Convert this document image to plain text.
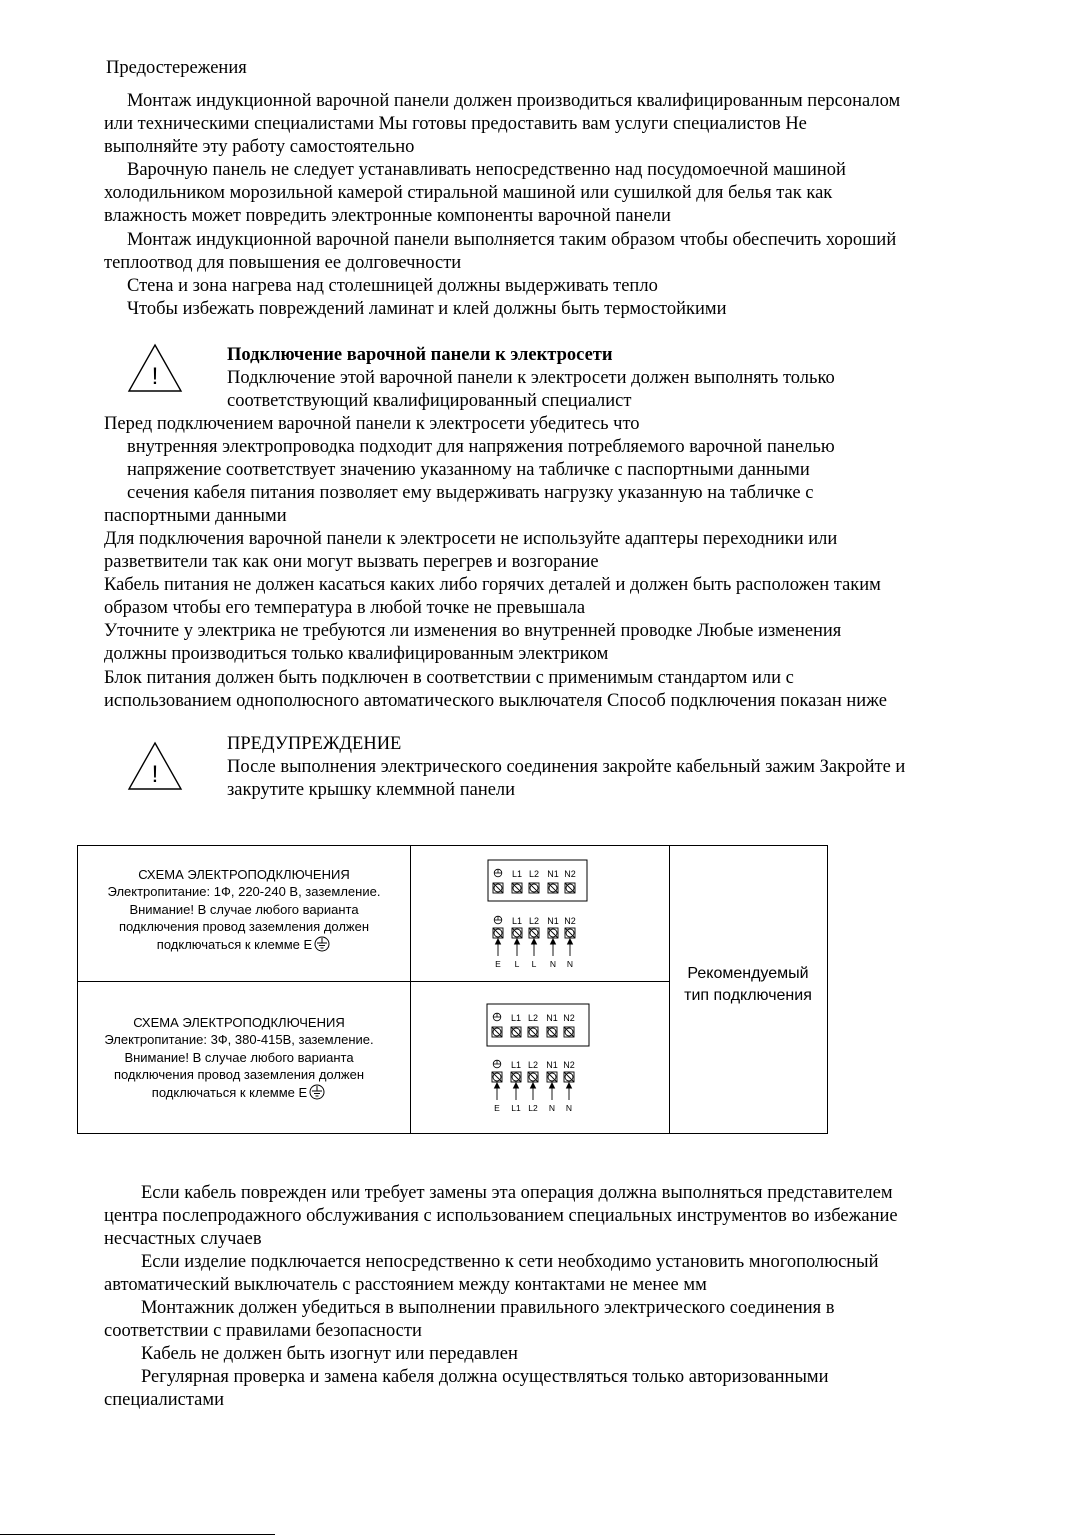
Предостережения
Монтаж индукционной варочной панели должен производиться квалифицированным персоналом
или техническими специалистами Мы готовы предоставить вам услуги специалистов Не
выполняйте эту работу самостоятельно
Варочную панель не следует устанавливать непосредственно над посудомоечной машиной
холодильником морозильной камерой стиральной машиной или сушилкой для белья так как
влажность может повредить электронные компоненты варочной панели
Монтаж индукционной варочной панели выполняется таким образом чтобы обеспечить хороший
теплоотвод для повышения ее долговечности
Стена и зона нагрева над столешницей должны выдерживать тепло
Чтобы избежать повреждений ламинат и клей должны быть термостойкими
!
Подключение варочной панели к электросети
Подключение этой варочной панели к электросети должен выполнять только
соответствующий квалифицированный специалист
Перед подключением варочной панели к электросети убедитесь что
внутренняя электропроводка подходит для напряжения потребляемого варочной панелью
напряжение соответствует значению указанному на табличке с паспортными данными
сечения кабеля питания позволяет ему выдерживать нагрузку указанную на табличке с
паспортными данными
Для подключения варочной панели к электросети не используйте адаптеры переходники или
разветвители так как они могут вызвать перегрев и возгорание
Кабель питания не должен касаться каких либо горячих деталей и должен быть расположен таким
образом чтобы его температура в любой точке не превышала
Уточните у электрика не требуются ли изменения во внутренней проводке Любые изменения
должны производиться только квалифицированным электриком
Блок питания должен быть подключен в соответствии с применимым стандартом или с
использованием однополюсного автоматического выключателя Способ подключения показан ниже
!
ПРЕДУПРЕЖДЕНИЕ
После выполнения электрического соединения закройте кабельный зажим Закройте и
закрутите крышку клеммной панели
СХЕМА ЭЛЕКТРОПОДКЛЮЧЕНИЯ
Электропитание: 1Ф, 220-240 В, заземление.
Внимание! В случае любого варианта
подключения провод заземления должен
подключаться к клемме Е
СХЕМА ЭЛЕКТРОПОДКЛЮЧЕНИЯ
Электропитание: 3Ф, 380-415В, заземление.
Внимание! В случае любого варианта
подключения провод заземления должен
подключаться к клемме Е
L1 L2 N1 N2
L1 L2 N1 N2
E L L N N
L1 L2 N1 N2
L1 L2 N1 N2
E L1 L2 N N
Рекомендуемый
тип подключения
Если кабель поврежден или требует замены эта операция должна выполняться представителем
центра послепродажного обслуживания с использованием специальных инструментов во избежание
несчастных случаев
Если изделие подключается непосредственно к сети необходимо установить многополюсный
автоматический выключатель с расстоянием между контактами не менее мм
Монтажник должен убедиться в выполнении правильного электрического соединения в
соответствии с правилами безопасности
Кабель не должен быть изогнут или передавлен
Регулярная проверка и замена кабеля должна осуществляться только авторизованными
специалистами
